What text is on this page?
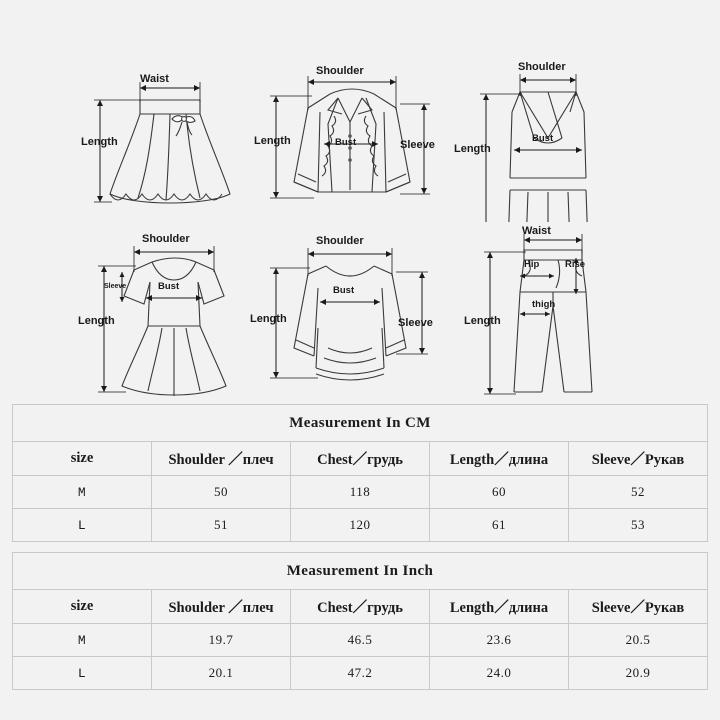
Waist
Length
Shoulder
Length	Bust	Sleeve
Shoulder
Length
Bust
Shoulder
Length
Bust
Sleeve
Shoulder
Length
Bust
Sleeve
Waist
Length
Hip	Rise
thigh
Measurement In CM				
size	Shoulder ／плеч	Chest／грудь	Length／длина	Sleeve／Рукав
M	50	118	60	52
L	51	120	61	53
Measurement In Inch				
size	Shoulder ／плеч	Chest／грудь	Length／длина	Sleeve／Рукав
M	19.7	46.5	23.6	20.5
L	20.1	47.2	24.0	20.9
